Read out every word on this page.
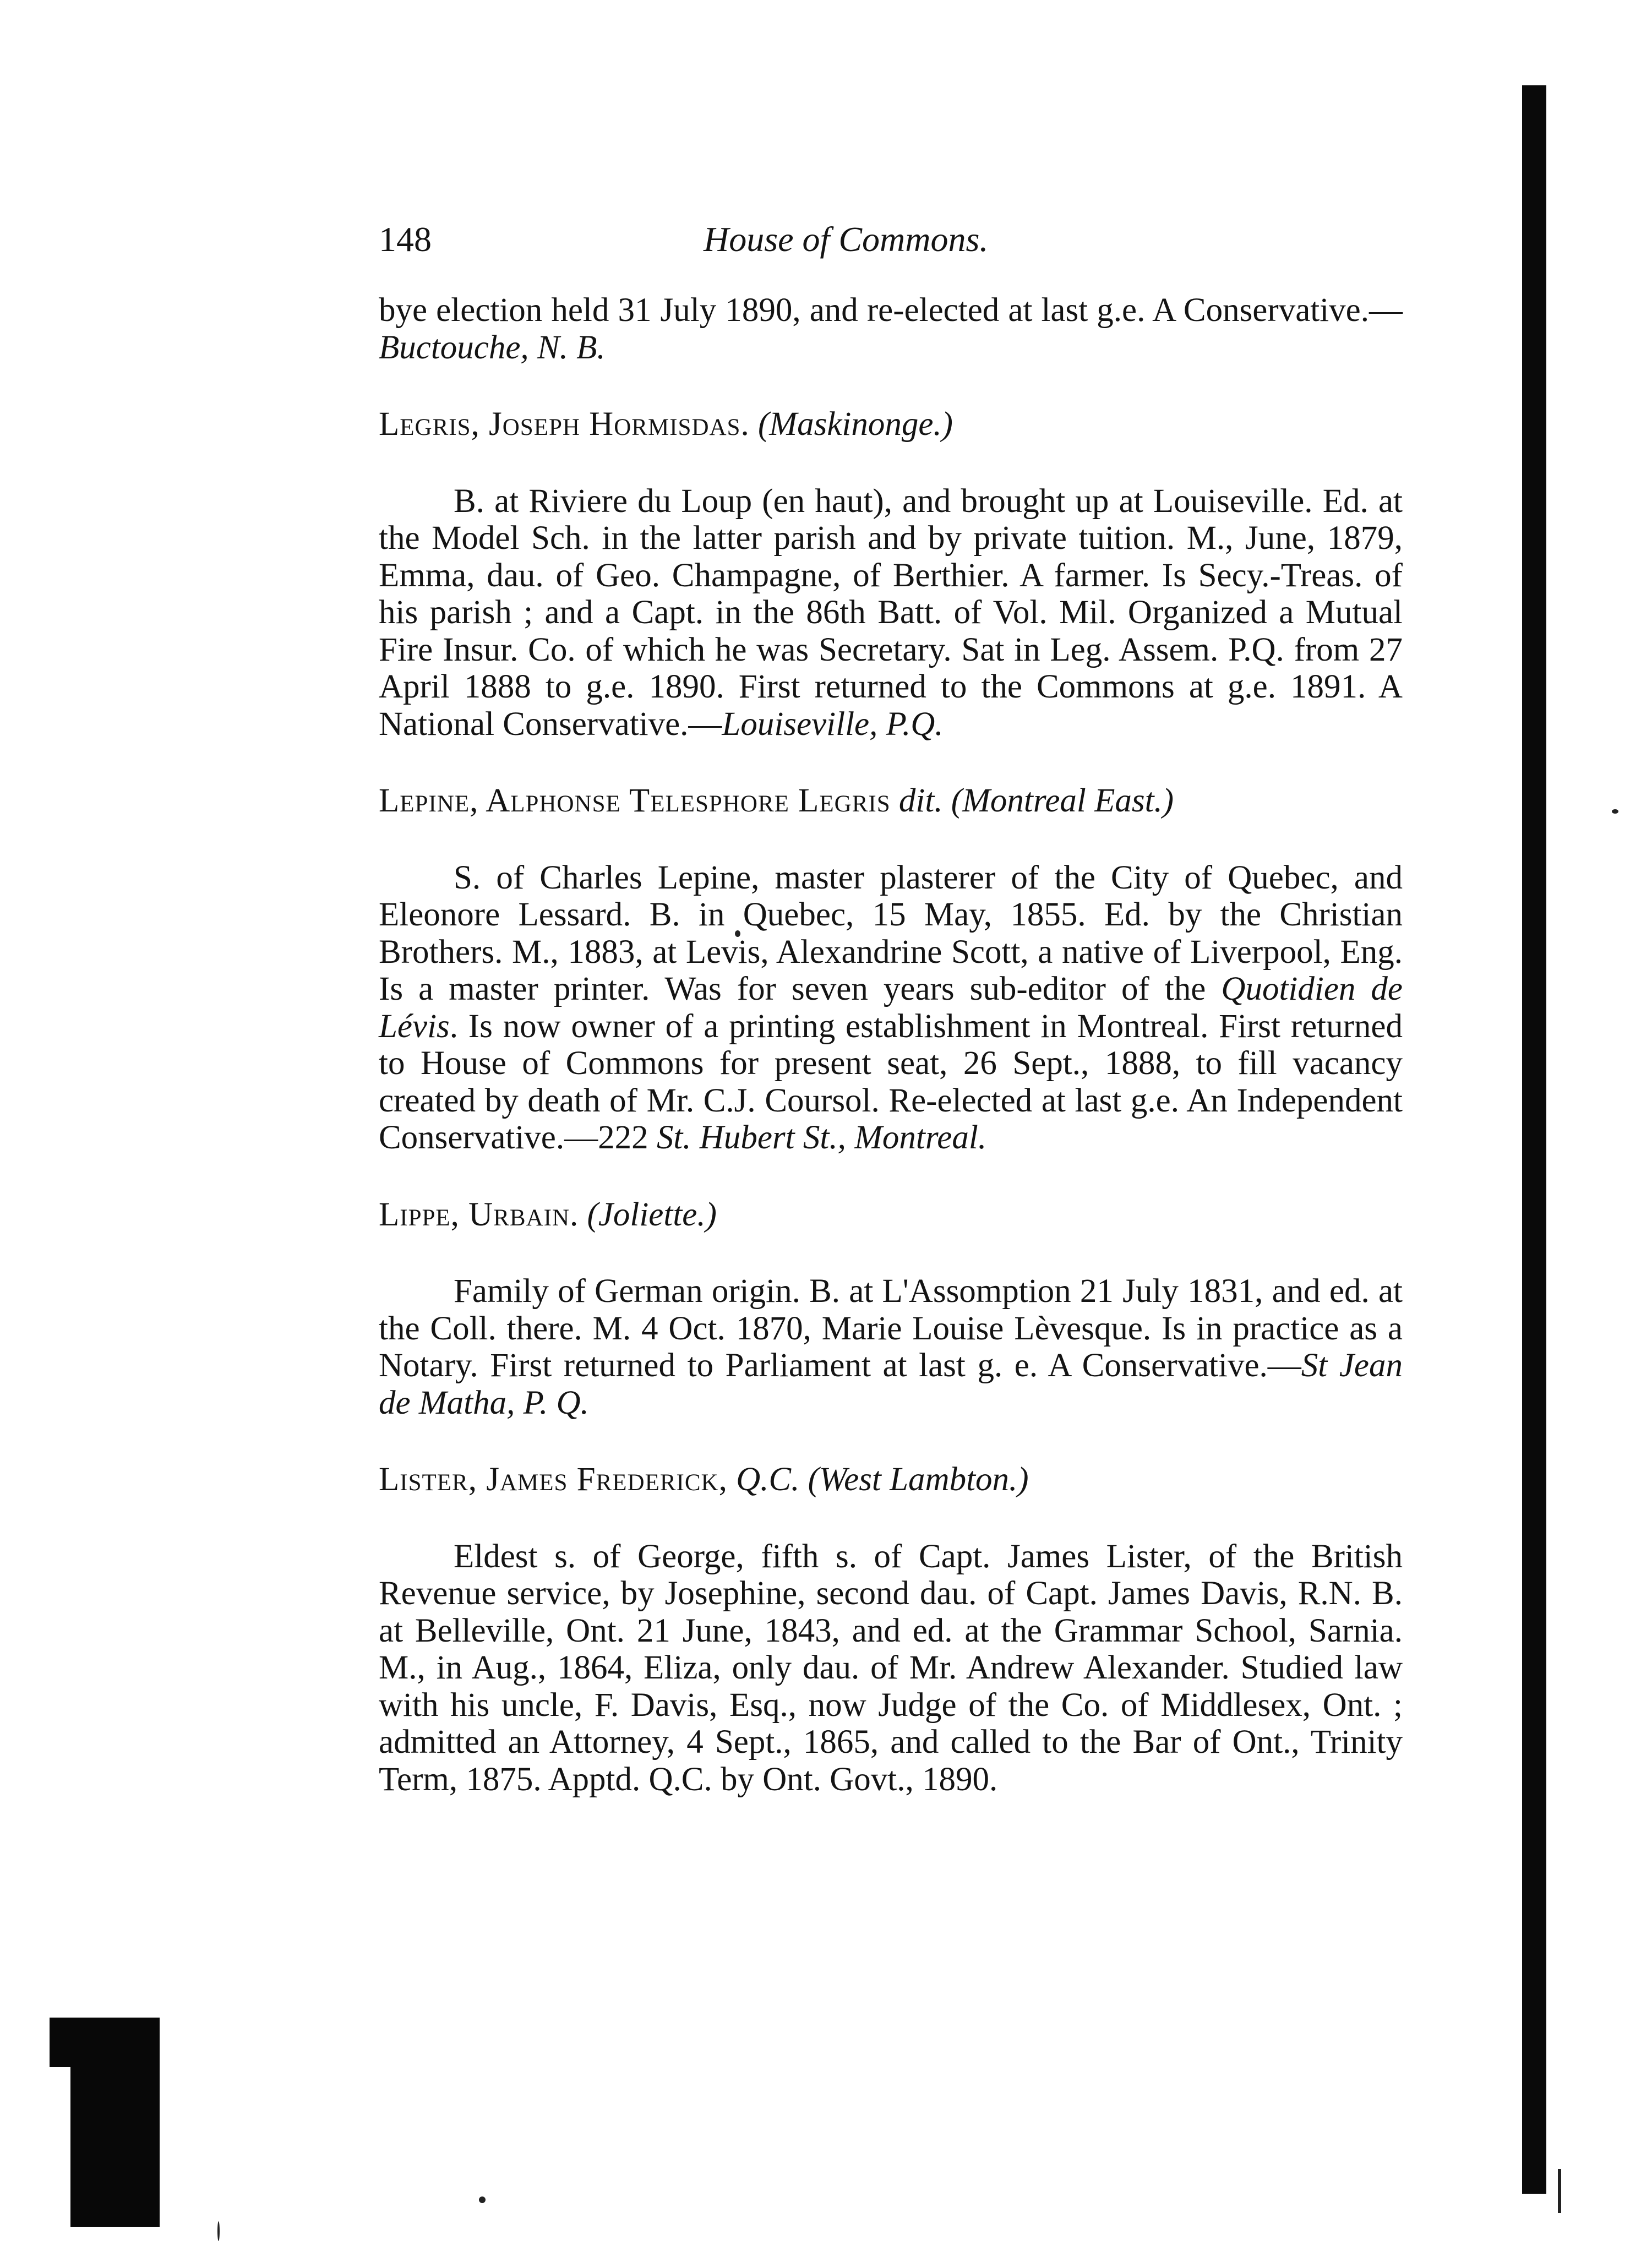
148	House of Commons.

bye election held 31 July 1890, and re-elected at last g.e. A Conservative.—Buctouche, N. B.

Legris, Joseph Hormisdas. (Maskinonge.)

B. at Riviere du Loup (en haut), and brought up at Louiseville. Ed. at the Model Sch. in the latter parish and by private tuition. M., June, 1879, Emma, dau. of Geo. Champagne, of Berthier. A farmer. Is Secy.-Treas. of his parish ; and a Capt. in the 86th Batt. of Vol. Mil. Organized a Mutual Fire Insur. Co. of which he was Secretary. Sat in Leg. Assem. P.Q. from 27 April 1888 to g.e. 1890. First returned to the Commons at g.e. 1891. A National Conservative.—Louiseville, P.Q.

Lepine, Alphonse Telesphore Legris dit. (Montreal East.)

S. of Charles Lepine, master plasterer of the City of Quebec, and Eleonore Lessard. B. in Quebec, 15 May, 1855. Ed. by the Christian Brothers. M., 1883, at Levis, Alexandrine Scott, a native of Liverpool, Eng. Is a master printer. Was for seven years sub-editor of the Quotidien de Lévis. Is now owner of a printing establishment in Montreal. First returned to House of Commons for present seat, 26 Sept., 1888, to fill vacancy created by death of Mr. C.J. Coursol. Re-elected at last g.e. An Independent Conservative.—222 St. Hubert St., Montreal.

Lippe, Urbain. (Joliette.)

Family of German origin. B. at L'Assomption 21 July 1831, and ed. at the Coll. there. M. 4 Oct. 1870, Marie Louise Lèvesque. Is in practice as a Notary. First returned to Parliament at last g. e. A Conservative.—St Jean de Matha, P. Q.

Lister, James Frederick, Q.C. (West Lambton.)

Eldest s. of George, fifth s. of Capt. James Lister, of the British Revenue service, by Josephine, second dau. of Capt. James Davis, R.N. B. at Belleville, Ont. 21 June, 1843, and ed. at the Grammar School, Sarnia. M., in Aug., 1864, Eliza, only dau. of Mr. Andrew Alexander. Studied law with his uncle, F. Davis, Esq., now Judge of the Co. of Middlesex, Ont. ; admitted an Attorney, 4 Sept., 1865, and called to the Bar of Ont., Trinity Term, 1875. Apptd. Q.C. by Ont. Govt., 1890.
